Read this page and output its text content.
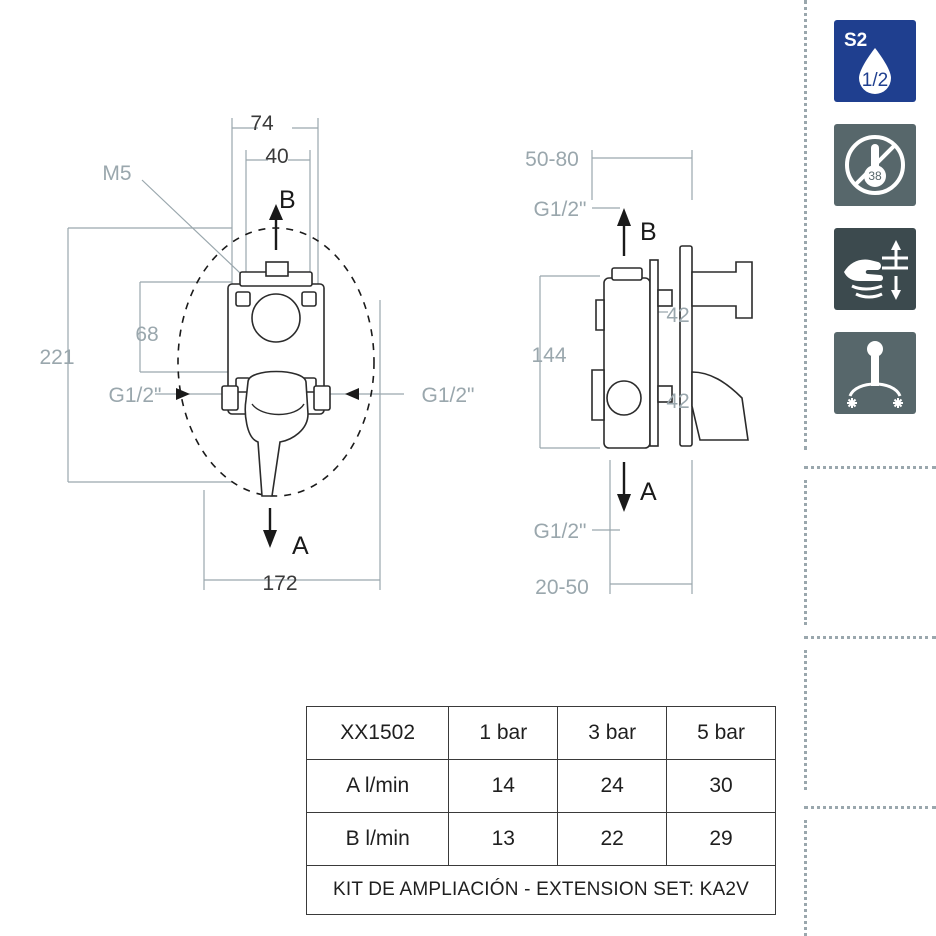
74
40
221
68
172
M5
G1/2"	G1/2"
B
A
50-80
G1/2"
144
42
42
G1/2"
20-50
B
A
XX1502	1 bar	3 bar	5 bar
A l/min	14	24	30
B l/min	13	22	29
KIT DE AMPLIACIÓN - EXTENSION SET: KA2V			
S2
1/2
38
